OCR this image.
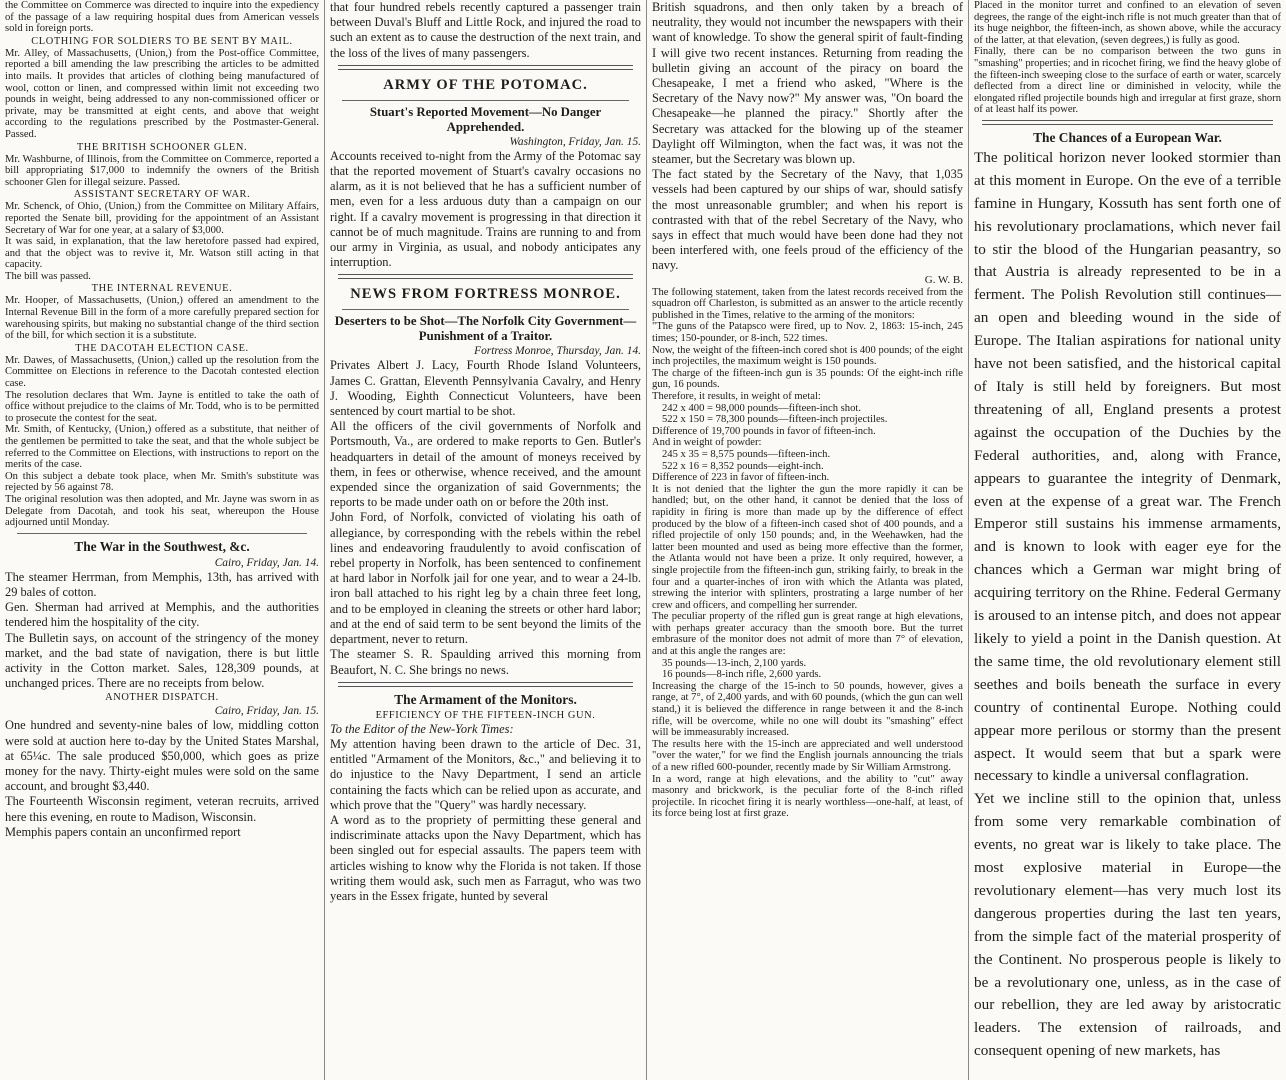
the Committee on Commerce was directed to inquire into the expediency of the passage of a law requiring hospital dues from American vessels sold in foreign ports.

CLOTHING FOR SOLDIERS TO BE SENT BY MAIL.

Mr. Alley, of Massachusetts, (Union,) from the Post-office Committee, reported a bill amending the law prescribing the articles to be admitted into mails. It provides that articles of clothing being manufactured of wool, cotton or linen, and compressed within limit not exceeding two pounds in weight, being addressed to any non-commissioned officer or private, may be transmitted at eight cents, and above that weight according to the regulations prescribed by the Postmaster-General. Passed.

THE BRITISH SCHOONER GLEN.

Mr. Washburne, of Illinois, from the Committee on Commerce, reported a bill appropriating $17,000 to indemnify the owners of the British schooner Glen for illegal seizure. Passed.

ASSISTANT SECRETARY OF WAR.

Mr. Schenck, of Ohio, (Union,) from the Committee on Military Affairs, reported the Senate bill, providing for the appointment of an Assistant Secretary of War for one year, at a salary of $3,000.

It was said, in explanation, that the law heretofore passed had expired, and that the object was to revive it, Mr. Watson still acting in that capacity.

The bill was passed.

THE INTERNAL REVENUE.

Mr. Hooper, of Massachusetts, (Union,) offered an amendment to the Internal Revenue Bill in the form of a more carefully prepared section for warehousing spirits, but making no substantial change of the third section of the bill, for which section it is a substitute.

THE DACOTAH ELECTION CASE.

Mr. Dawes, of Massachusetts, (Union,) called up the resolution from the Committee on Elections in reference to the Dacotah contested election case.

The resolution declares that Wm. Jayne is entitled to take the oath of office without prejudice to the claims of Mr. Todd, who is to be permitted to prosecute the contest for the seat.

Mr. Smith, of Kentucky, (Union,) offered as a substitute, that neither of the gentlemen be permitted to take the seat, and that the whole subject be referred to the Committee on Elections, with instructions to report on the merits of the case.

On this subject a debate took place, when Mr. Smith's substitute was rejected by 56 against 78.

The original resolution was then adopted, and Mr. Jayne was sworn in as Delegate from Dacotah, and took his seat, whereupon the House adjourned until Monday.

The War in the Southwest, &c.

Cairo, Friday, Jan. 14.

The steamer Herrman, from Memphis, 13th, has arrived with 29 bales of cotton.

Gen. Sherman had arrived at Memphis, and the authorities tendered him the hospitality of the city.

The Bulletin says, on account of the stringency of the money market, and the bad state of navigation, there is but little activity in the Cotton market. Sales, 128,309 pounds, at unchanged prices. There are no receipts from below.

ANOTHER DISPATCH.

Cairo, Friday, Jan. 15.

One hundred and seventy-nine bales of low, middling cotton were sold at auction here to-day by the United States Marshal, at 65¼c. The sale produced $50,000, which goes as prize money for the navy. Thirty-eight mules were sold on the same account, and brought $3,440.

The Fourteenth Wisconsin regiment, veteran recruits, arrived here this evening, en route to Madison, Wisconsin.

Memphis papers contain an unconfirmed report

that four hundred rebels recently captured a passenger train between Duval's Bluff and Little Rock, and injured the road to such an extent as to cause the destruction of the next train, and the loss of the lives of many passengers.

ARMY OF THE POTOMAC.

Stuart's Reported Movement—No Danger Apprehended.

Washington, Friday, Jan. 15.

Accounts received to-night from the Army of the Potomac say that the reported movement of Stuart's cavalry occasions no alarm, as it is not believed that he has a sufficient number of men, even for a less arduous duty than a campaign on our right. If a cavalry movement is progressing in that direction it cannot be of much magnitude. Trains are running to and from our army in Virginia, as usual, and nobody anticipates any interruption.

NEWS FROM FORTRESS MONROE.

Deserters to be Shot—The Norfolk City Government—Punishment of a Traitor.

Fortress Monroe, Thursday, Jan. 14.

Privates Albert J. Lacy, Fourth Rhode Island Volunteers, James C. Grattan, Eleventh Pennsylvania Cavalry, and Henry J. Wooding, Eighth Connecticut Volunteers, have been sentenced by court martial to be shot.

All the officers of the civil governments of Norfolk and Portsmouth, Va., are ordered to make reports to Gen. Butler's headquarters in detail of the amount of moneys received by them, in fees or otherwise, whence received, and the amount expended since the organization of said Governments; the reports to be made under oath on or before the 20th inst.

John Ford, of Norfolk, convicted of violating his oath of allegiance, by corresponding with the rebels within the rebel lines and endeavoring fraudulently to avoid confiscation of rebel property in Norfolk, has been sentenced to confinement at hard labor in Norfolk jail for one year, and to wear a 24-lb. iron ball attached to his right leg by a chain three feet long, and to be employed in cleaning the streets or other hard labor; and at the end of said term to be sent beyond the limits of the department, never to return.

The steamer S. R. Spaulding arrived this morning from Beaufort, N. C. She brings no news.

The Armament of the Monitors.

EFFICIENCY OF THE FIFTEEN-INCH GUN.

To the Editor of the New-York Times:

My attention having been drawn to the article of Dec. 31, entitled "Armament of the Monitors, &c.," and believing it to do injustice to the Navy Department, I send an article containing the facts which can be relied upon as accurate, and which prove that the "Query" was hardly necessary.

A word as to the propriety of permitting these general and indiscriminate attacks upon the Navy Department, which has been singled out for especial assaults. The papers teem with articles wishing to know why the Florida is not taken. If those writing them would ask, such men as Farragut, who was two years in the Essex frigate, hunted by several

British squadrons, and then only taken by a breach of neutrality, they would not incumber the newspapers with their want of knowledge. To show the general spirit of fault-finding I will give two recent instances. Returning from reading the bulletin giving an account of the piracy on board the Chesapeake, I met a friend who asked, "Where is the Secretary of the Navy now?" My answer was, "On board the Chesapeake—he planned the piracy." Shortly after the Secretary was attacked for the blowing up of the steamer Daylight off Wilmington, when the fact was, it was not the steamer, but the Secretary was blown up.

The fact stated by the Secretary of the Navy, that 1,035 vessels had been captured by our ships of war, should satisfy the most unreasonable grumbler; and when his report is contrasted with that of the rebel Secretary of the Navy, who says in effect that much would have been done had they not been interfered with, one feels proud of the efficiency of the navy.

G. W. B.

The following statement, taken from the latest records received from the squadron off Charleston, is submitted as an answer to the article recently published in the Times, relative to the arming of the monitors:

"The guns of the Patapsco were fired, up to Nov. 2, 1863: 15-inch, 245 times; 150-pounder, or 8-inch, 522 times.

Now, the weight of the fifteen-inch cored shot is 400 pounds; of the eight inch projectiles, the maximum weight is 150 pounds.

The charge of the fifteen-inch gun is 35 pounds: Of the eight-inch rifle gun, 16 pounds.

Therefore, it results, in weight of metal:

242 x 400 = 98,000 pounds—fifteen-inch shot.

522 x 150 = 78,300 pounds—fifteen-inch projectiles.

Difference of 19,700 pounds in favor of fifteen-inch.

And in weight of powder:

245 x 35 = 8,575 pounds—fifteen-inch.

522 x 16 = 8,352 pounds—eight-inch.

Difference of 223 in favor of fifteen-inch.

It is not denied that the lighter the gun the more rapidly it can be handled; but, on the other hand, it cannot be denied that the loss of rapidity in firing is more than made up by the difference of effect produced by the blow of a fifteen-inch cased shot of 400 pounds, and a rifled projectile of only 150 pounds; and, in the Weehawken, had the latter been mounted and used as being more effective than the former, the Atlanta would not have been a prize. It only required, however, a single projectile from the fifteen-inch gun, striking fairly, to break in the four and a quarter-inches of iron with which the Atlanta was plated, strewing the interior with splinters, prostrating a large number of her crew and officers, and compelling her surrender.

The peculiar property of the rifled gun is great range at high elevations, with perhaps greater accuracy than the smooth bore. But the turret embrasure of the monitor does not admit of more than 7° of elevation, and at this angle the ranges are:

35 pounds—13-inch, 2,100 yards.

16 pounds—8-inch rifle, 2,600 yards.

Increasing the charge of the 15-inch to 50 pounds, however, gives a range, at 7°, of 2,400 yards, and with 60 pounds, (which the gun can well stand,) it is believed the difference in range between it and the 8-inch rifle, will be overcome, while no one will doubt its "smashing" effect will be immeasurably increased.

The results here with the 15-inch are appreciated and well understood "over the water," for we find the English journals announcing the trials of a new rifled 600-pounder, recently made by Sir William Armstrong.

In a word, range at high elevations, and the ability to "cut" away masonry and brickwork, is the peculiar forte of the 8-inch rifled projectile. In ricochet firing it is nearly worthless—one-half, at least, of its force being lost at first graze.

Placed in the monitor turret and confined to an elevation of seven degrees, the range of the eight-inch rifle is not much greater than that of its huge neighbor, the fifteen-inch, as shown above, while the accuracy of the latter, at that elevation, (seven degrees,) is fully as good.

Finally, there can be no comparison between the two guns in "smashing" properties; and in ricochet firing, we find the heavy globe of the fifteen-inch sweeping close to the surface of earth or water, scarcely deflected from a direct line or diminished in velocity, while the elongated rifled projectile bounds high and irregular at first graze, shorn of at least half its power.

The Chances of a European War.

The political horizon never looked stormier than at this moment in Europe. On the eve of a terrible famine in Hungary, Kossuth has sent forth one of his revolutionary proclamations, which never fail to stir the blood of the Hungarian peasantry, so that Austria is already represented to be in a ferment. The Polish Revolution still continues—an open and bleeding wound in the side of Europe. The Italian aspirations for national unity have not been satisfied, and the historical capital of Italy is still held by foreigners. But most threatening of all, England presents a protest against the occupation of the Duchies by the Federal authorities, and, along with France, appears to guarantee the integrity of Denmark, even at the expense of a great war. The French Emperor still sustains his immense armaments, and is known to look with eager eye for the chances which a German war might bring of acquiring territory on the Rhine. Federal Germany is aroused to an intense pitch, and does not appear likely to yield a point in the Danish question. At the same time, the old revolutionary element still seethes and boils beneath the surface in every country of continental Europe. Nothing could appear more perilous or stormy than the present aspect. It would seem that but a spark were necessary to kindle a universal conflagration.

Yet we incline still to the opinion that, unless from some very remarkable combination of events, no great war is likely to take place. The most explosive material in Europe—the revolutionary element—has very much lost its dangerous properties during the last ten years, from the simple fact of the material prosperity of the Continent. No prosperous people is likely to be a revolutionary one, unless, as in the case of our rebellion, they are led away by aristocratic leaders. The extension of railroads, and consequent opening of new markets, has
